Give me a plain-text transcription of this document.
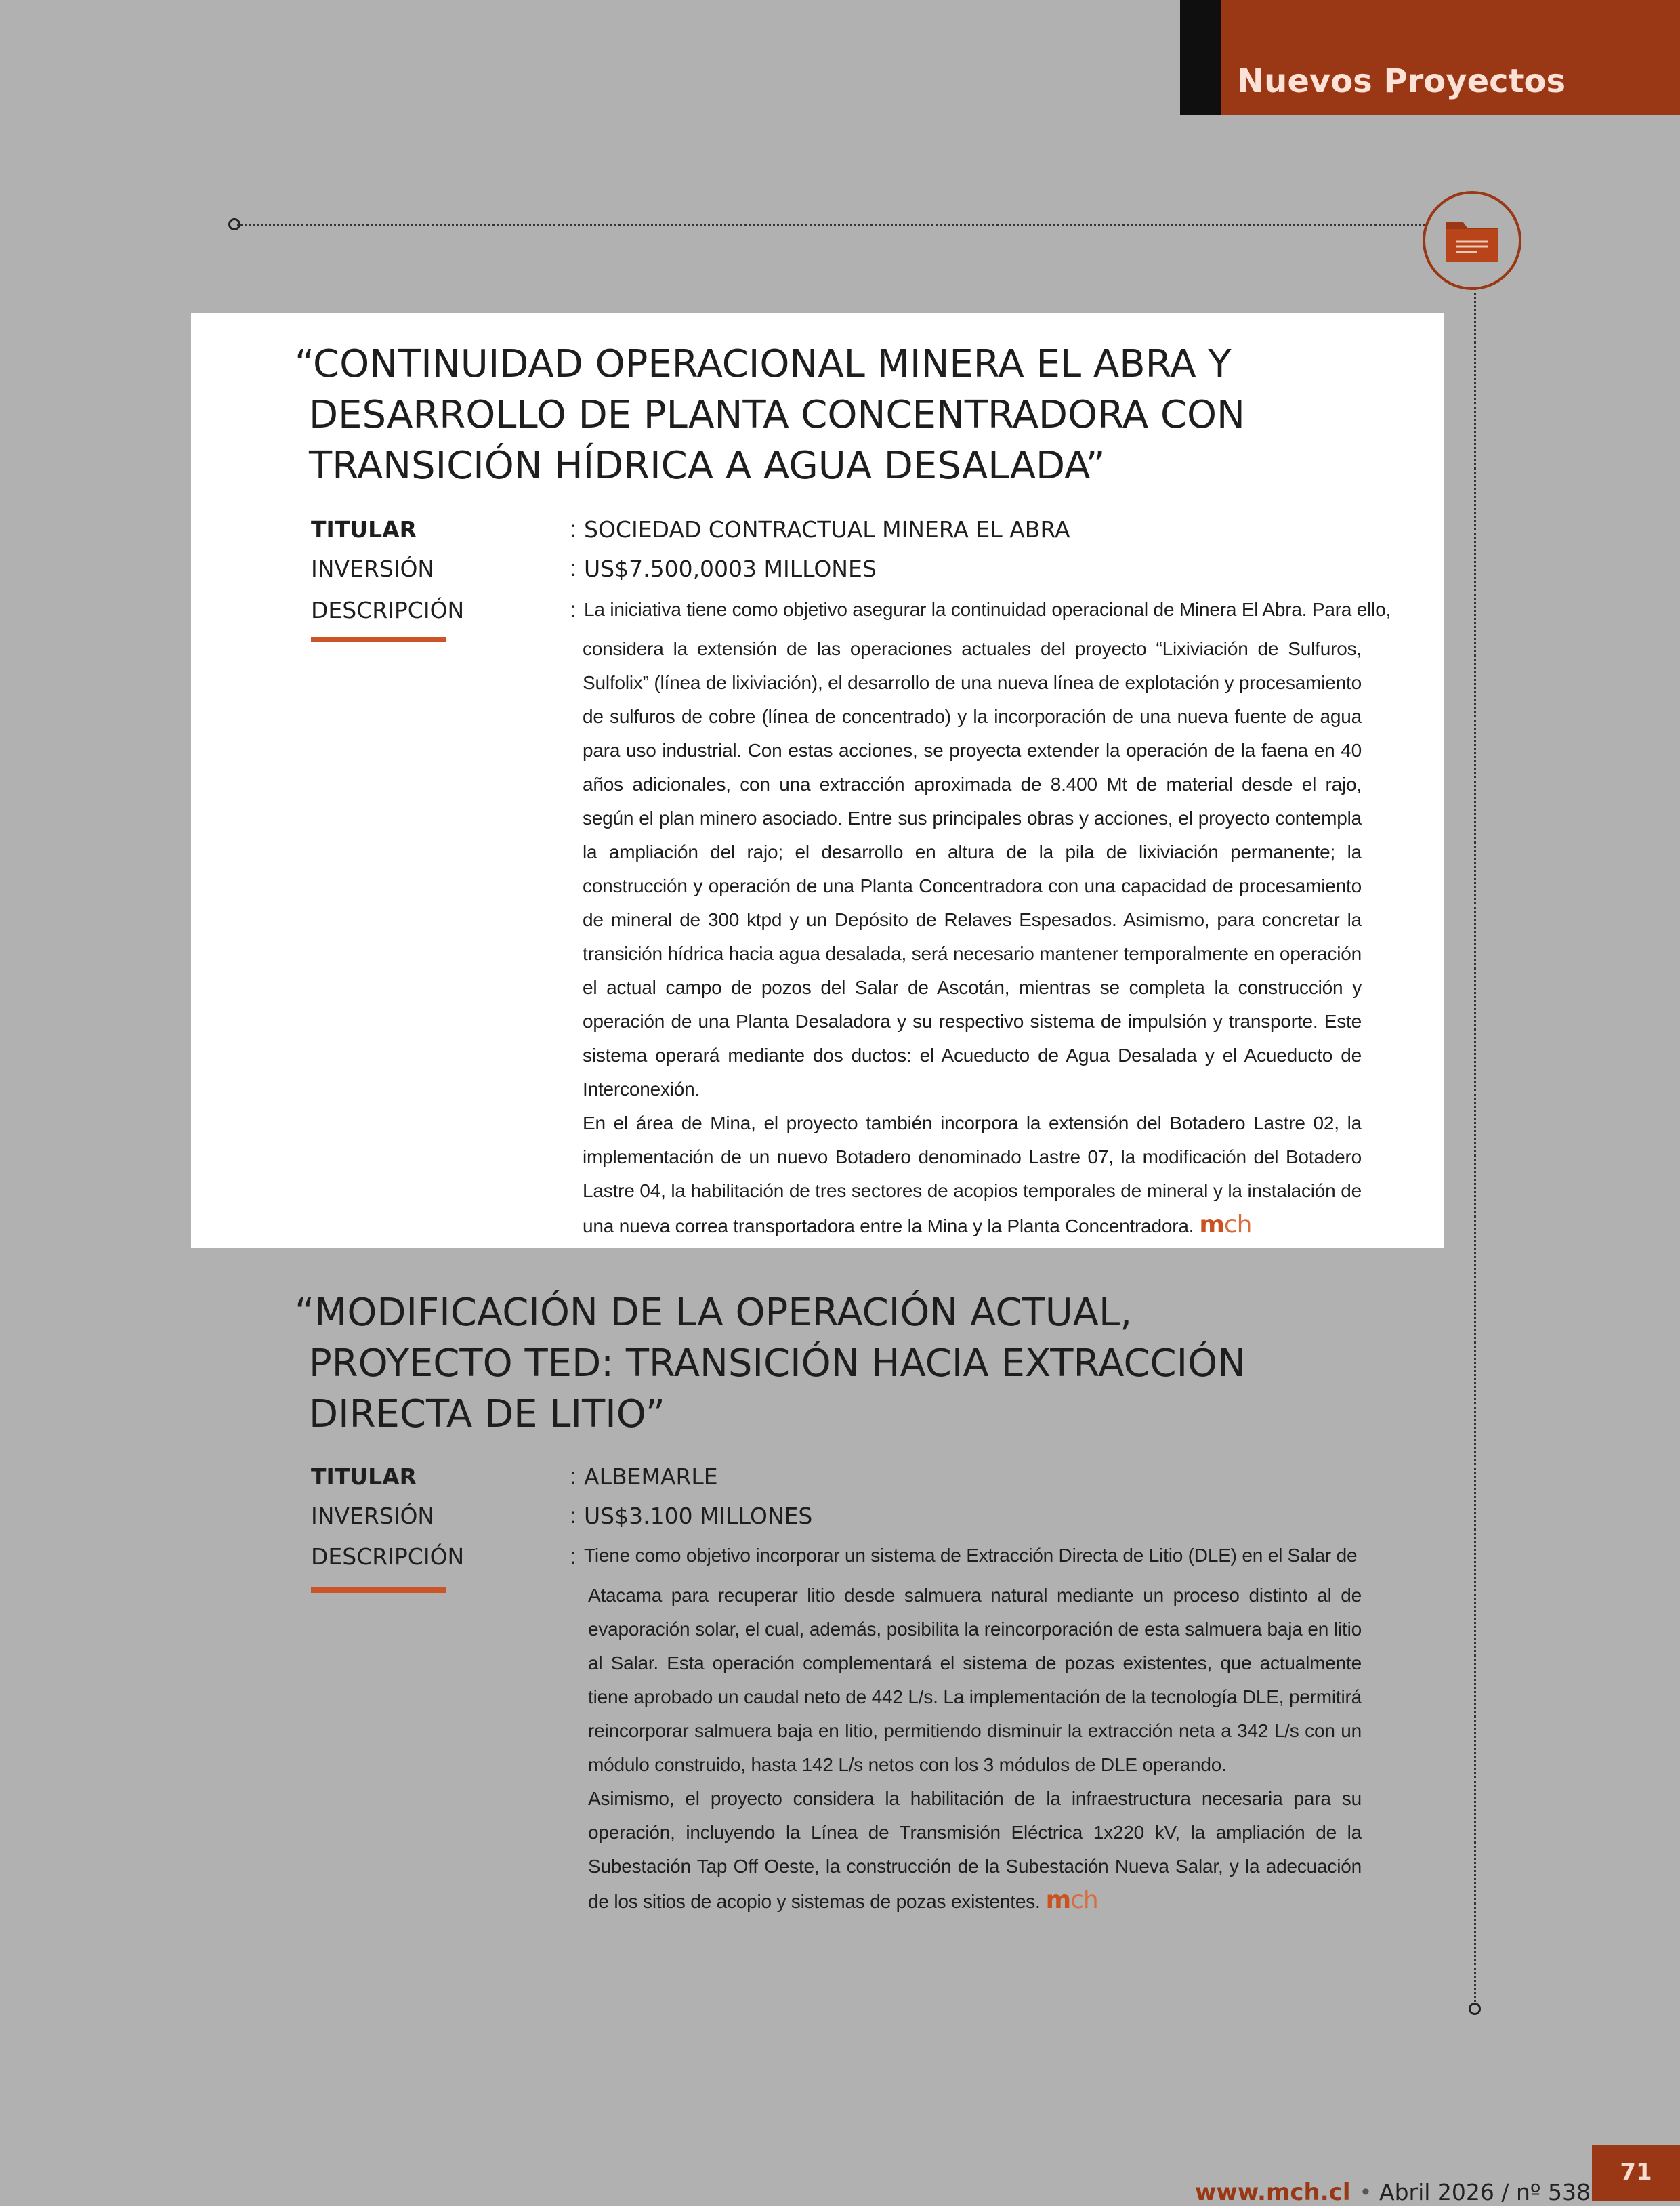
Nuevos Proyectos
“CONTINUIDAD OPERACIONAL MINERA EL ABRA Y
DESARROLLO DE PLANTA CONCENTRADORA CON
TRANSICIÓN HÍDRICA A AGUA DESALADA”
TITULAR	: SOCIEDAD CONTRACTUAL MINERA EL ABRA
INVERSIÓN	: US$7.500,0003 MILLONES
DESCRIPCIÓN	: La iniciativa tiene como objetivo asegurar la continuidad operacional de Minera El Abra. Para ello,

considera la extensión de las operaciones actuales del proyecto “Lixiviación de Sulfuros, Sulfolix” (línea de lixiviación), el desarrollo de una nueva línea de explotación y procesamiento de sulfuros de cobre (línea de concentrado) y la incorporación de una nueva fuente de agua para uso industrial. Con estas acciones, se proyecta extender la operación de la faena en 40 años adicionales, con una extracción aproximada de 8.400 Mt de material desde el rajo, según el plan minero asociado. Entre sus principales obras y acciones, el proyecto contempla la ampliación del rajo; el desarrollo en altura de la pila de lixiviación permanente; la construcción y operación de una Planta Concentradora con una capacidad de procesamiento de mineral de 300 ktpd y un Depósito de Relaves Espesados. Asimismo, para concretar la transición hídrica hacia agua desalada, será necesario mantener temporalmente en operación el actual campo de pozos del Salar de Ascotán, mientras se completa la construcción y operación de una Planta Desaladora y su respectivo sistema de impulsión y transporte. Este sistema operará mediante dos ductos: el Acueducto de Agua Desalada y el Acueducto de Interconexión.

En el área de Mina, el proyecto también incorpora la extensión del Botadero Lastre 02, la implementación de un nuevo Botadero denominado Lastre 07, la modificación del Botadero Lastre 04, la habilitación de tres sectores de acopios temporales de mineral y la instalación de una nueva correa transportadora entre la Mina y la Planta Concentradora. mch

“MODIFICACIÓN DE LA OPERACIÓN ACTUAL,
PROYECTO TED: TRANSICIÓN HACIA EXTRACCIÓN
DIRECTA DE LITIO”
TITULAR	: ALBEMARLE
INVERSIÓN	: US$3.100 MILLONES
DESCRIPCIÓN	: Tiene como objetivo incorporar un sistema de Extracción Directa de Litio (DLE) en el Salar de

Atacama para recuperar litio desde salmuera natural mediante un proceso distinto al de evaporación solar, el cual, además, posibilita la reincorporación de esta salmuera baja en litio al Salar. Esta operación complementará el sistema de pozas existentes, que actualmente tiene aprobado un caudal neto de 442 L/s. La implementación de la tecnología DLE, permitirá reincorporar salmuera baja en litio, permitiendo disminuir la extracción neta a 342 L/s con un módulo construido, hasta 142 L/s netos con los 3 módulos de DLE operando.

Asimismo, el proyecto considera la habilitación de la infraestructura necesaria para su operación, incluyendo la Línea de Transmisión Eléctrica 1x220 kV, la ampliación de la Subestación Tap Off Oeste, la construcción de la Subestación Nueva Salar, y la adecuación de los sitios de acopio y sistemas de pozas existentes. mch

www.mch.cl • Abril 2026 / nº 538
71
